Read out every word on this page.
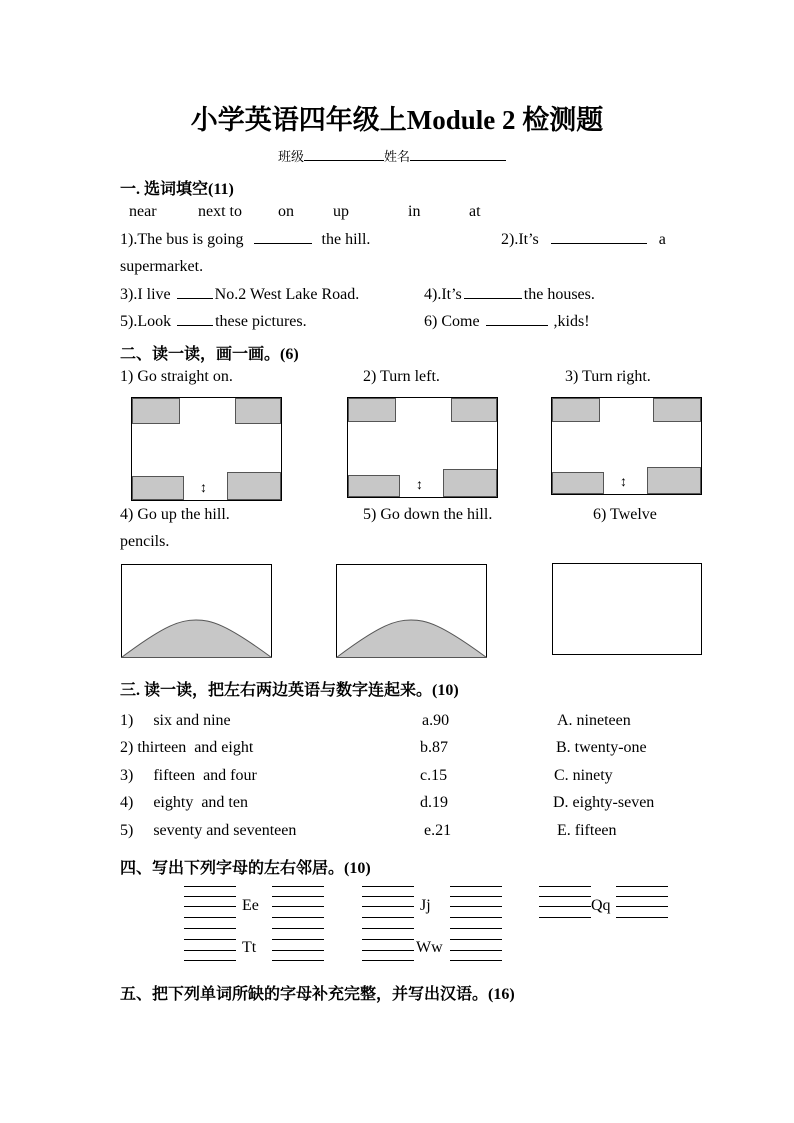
小学英语四年级上Module 2 检测题
班级	姓名
一. 选词填空(11)
near	next to on up	in	at
1).The bus is going	the hill.	2).It’s	a
supermarket.
3).I live	No.2 West Lake Road.	4).It’s	the houses.
5).Look	these pictures.	6) Come	,kids!
二、读一读，画一画。(6)
1) Go straight on.	2) Turn left.	3) Turn right.
↕	↕	↕
4) Go up the hill.	5) Go down the hill.	6) Twelve
pencils.
三. 读一读，把左右两边英语与数字连起来。(10)
1)     six and nine	a.90	A. nineteen
2) thirteen  and eight	b.87	B. twenty-one
3)     fifteen  and four	c.15	C. ninety
4)     eighty  and ten	d.19	D. eighty-seven
5)     seventy and seventeen	e.21	E. fifteen
四、写出下列字母的左右邻居。(10)
Ee	Jj	Qq
Tt	Ww
五、把下列单词所缺的字母补充完整，并写出汉语。(16)
